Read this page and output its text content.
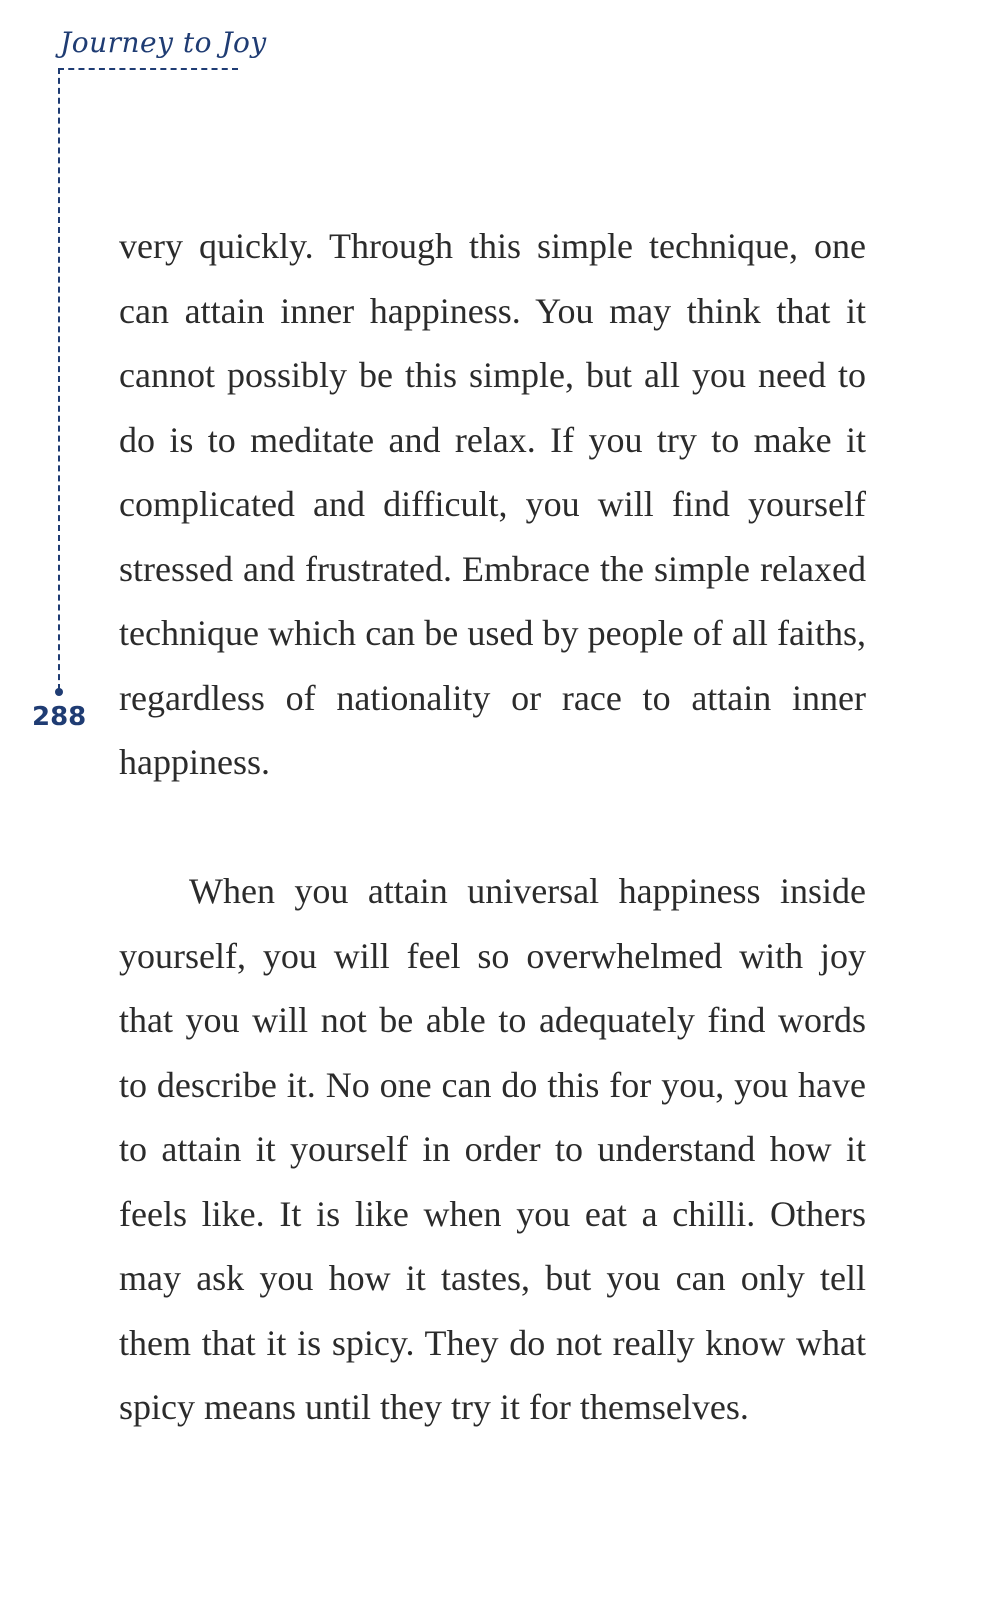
Journey to Joy
288

very quickly. Through this simple technique, one can attain inner happiness. You may think that it cannot possibly be this simple, but all you need to do is to meditate and relax. If you try to make it complicated and difficult, you will find yourself stressed and frustrated. Embrace the simple relaxed technique which can be used by people of all faiths, regardless of nationality or race to attain inner happiness.

When you attain universal happiness inside yourself, you will feel so overwhelmed with joy that you will not be able to adequately find words to describe it. No one can do this for you, you have to attain it yourself in order to understand how it feels like. It is like when you eat a chilli. Others may ask you how it tastes, but you can only tell them that it is spicy. They do not really know what spicy means until they try it for themselves.
